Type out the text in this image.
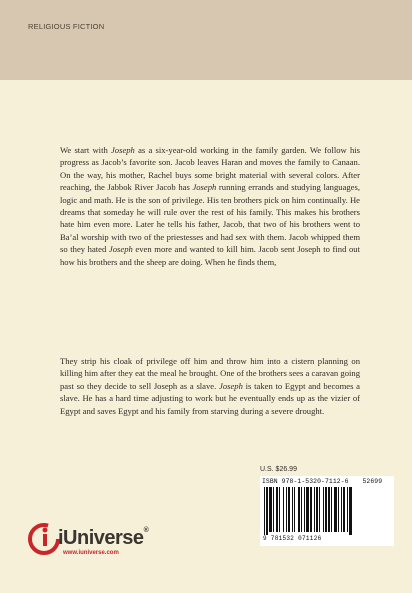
RELIGIOUS FICTION

We start with Joseph as a six-year-old working in the family garden. We follow his progress as Jacob’s favorite son. Jacob leaves Haran and moves the family to Canaan. On the way, his mother, Rachel buys some bright material with several colors. After reaching, the Jabbok River Jacob has Joseph running errands and studying languages, logic and math. He is the son of privilege. His ten brothers pick on him continually. He dreams that someday he will rule over the rest of his family. This makes his brothers hate him even more. Later he tells his father, Jacob, that two of his brothers went to Ba’al worship with two of the priestesses and had sex with them. Jacob whipped them so they hated Joseph even more and wanted to kill him. Jacob sent Joseph to find out how his brothers and the sheep are doing. When he finds them,

They strip his cloak of privilege off him and throw him into a cistern planning on killing him after they eat the meal he brought. One of the brothers sees a caravan going past so they decide to sell Joseph as a slave. Joseph is taken to Egypt and becomes a slave. He has a hard time adjusting to work but he eventually ends up as the vizier of Egypt and saves Egypt and his family from starving during a severe drought.

U.S. $26.99
ISBN 978-1-5320-7112-6 52699
9 781532 071126
iUniverse®
www.iuniverse.com
